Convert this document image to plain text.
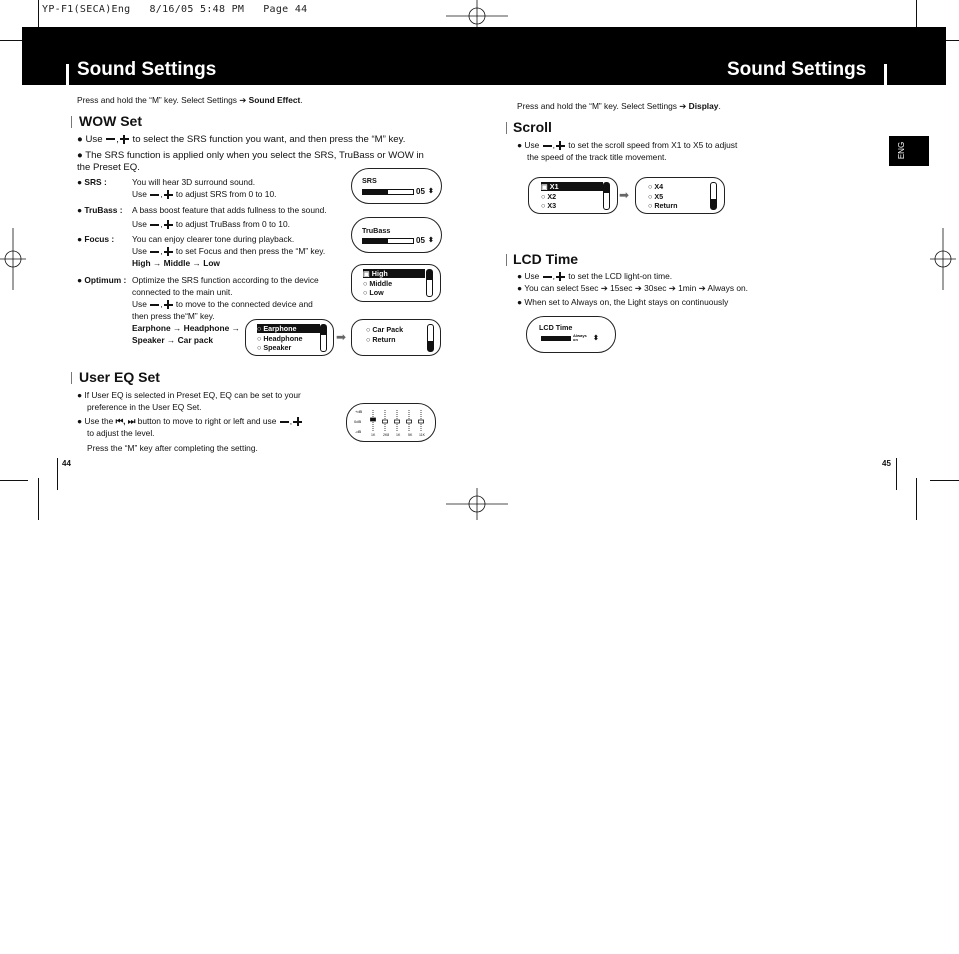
YP-F1(SECA)Eng   8/16/05 5:48 PM   Page 44
Sound Settings	Sound Settings
Press and hold the “M” key. Select Settings ➔ Sound Effect.
WOW Set
● Use , to select the SRS function you want, and then press the “M” key.
● The SRS function is applied only when you select the SRS, TruBass or WOW in the Preset EQ.
● SRS :	You will hear 3D surround sound.
Use , to adjust SRS from 0 to 10.
● TruBass : A bass boost feature that adds fullness to the sound.
Use , to adjust TruBass from 0 to 10.
● Focus : You can enjoy clearer tone during playback.
Use , to set Focus and then press the “M” key.
High → Middle → Low
● Optimum : Optimize the SRS function according to the device
connected to the main unit.
Use , to move to the connected device and
then press the“M” key.
Earphone → Headphone →
Speaker → Car pack
SRS
05 ⬍
TruBass
05 ⬍
▣ High
○ Middle
○ Low
○ Earphone
○ Headphone
○ Speaker
➡
○ Car Pack
○ Return
User EQ Set
● If User EQ is selected in Preset EQ, EQ can be set to your
preference in the User EQ Set.
● Use the ⏮, ⏭ button to move to right or left and use ,
to adjust the level.
Press the “M” key after completing the setting.
+dB
0dB
-dB
1K 2K8 1K 5K 11K
44
Press and hold the “M” key. Select Settings ➔ Display.
ENG
Scroll
● Use , to set the scroll speed from X1 to X5 to adjust
the speed of the track title movement.
▣ X1
○ X2
○ X3
➡
○ X4
○ X5
○ Return
LCD Time
● Use , to set the LCD light-on time.
● You can select 5sec ➔ 15sec ➔ 30sec ➔ 1min ➔ Always on.
● When set to Always on, the Light stays on continuously
LCD Time
Always on	⬍
45
